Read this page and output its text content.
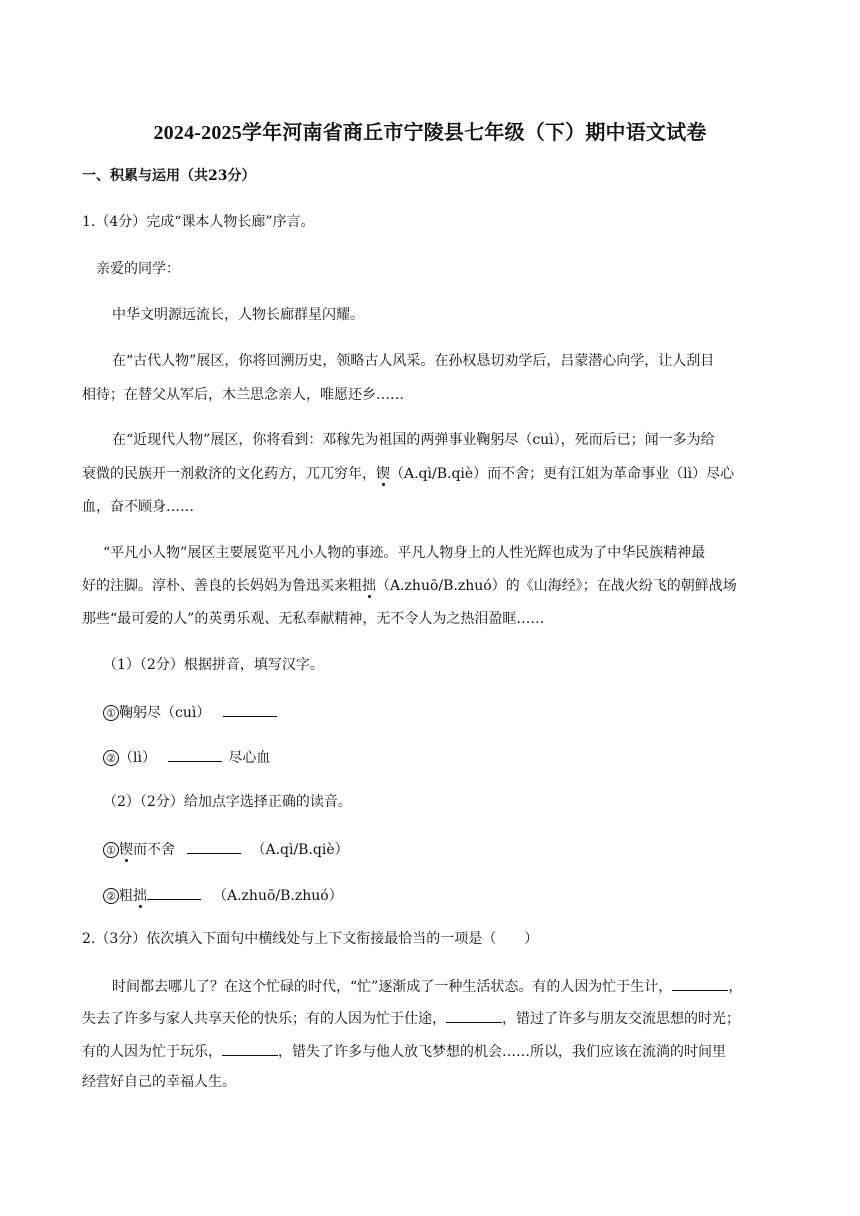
2024-2025学年河南省商丘市宁陵县七年级（下）期中语文试卷
一、积累与运用（共23分）
1.（4分）完成“课本人物长廊”序言。
亲爱的同学：
中华文明源远流长，人物长廊群星闪耀。
在“古代人物”展区，你将回溯历史，领略古人风采。在孙权恳切劝学后，吕蒙潜心向学，让人刮目
相待；在替父从军后，木兰思念亲人，唯愿还乡……
在“近现代人物”展区，你将看到：邓稼先为祖国的两弹事业鞠躬尽（cuì），死而后已；闻一多为给
衰微的民族开一剂救济的文化药方，兀兀穷年，锲（A.qì/B.qiè）而不舍；更有江姐为革命事业（lì）尽心
血，奋不顾身……
“平凡小人物”展区主要展览平凡小人物的事迹。平凡人物身上的人性光辉也成为了中华民族精神最
好的注脚。淳朴、善良的长妈妈为鲁迅买来粗拙（A.zhuō/B.zhuó）的《山海经》；在战火纷飞的朝鲜战场
那些“最可爱的人”的英勇乐观、无私奉献精神，无不令人为之热泪盈眶……
（1）（2分）根据拼音，填写汉字。
① 鞠躬尽（cuì）
② （lì）	尽心血
（2）（2分）给加点字选择正确的读音。
① 锲而不舍	（A.qì/B.qiè）
② 粗拙	（A.zhuō/B.zhuó）
2.（3分）依次填入下面句中横线处与上下文衔接最恰当的一项是（　　）
时间都去哪儿了？在这个忙碌的时代，“忙”逐渐成了一种生活状态。有的人因为忙于生计，	，
失去了许多与家人共享天伦的快乐；有的人因为忙于仕途，	，错过了许多与朋友交流思想的时光；
有的人因为忙于玩乐，	，错失了许多与他人放飞梦想的机会……所以，我们应该在流淌的时间里
经营好自己的幸福人生。
